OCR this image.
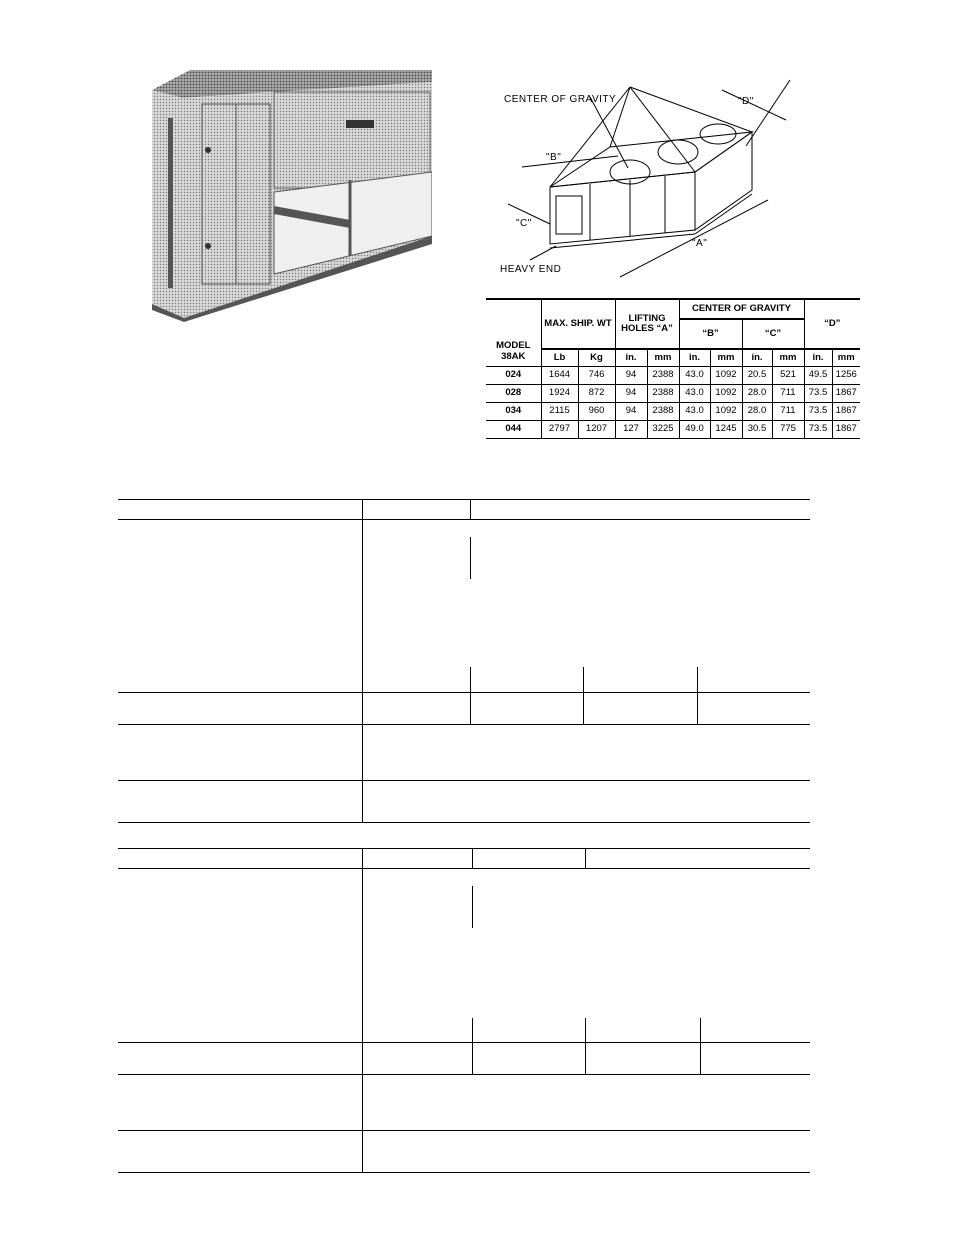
CENTER OF GRAVITY
"B"
"C"
"D"
"A"
HEAVY END
MODEL 38AK	MAX. SHIP. WT		LIFTING HOLES “A”		CENTER OF GRAVITY				“D”	
					“B”		“C”			
	Lb	Kg	in.	mm	in.	mm	in.	mm	in.	mm
024	1644	746	94	2388	43.0	1092	20.5	521	49.5	1256
028	1924	872	94	2388	43.0	1092	28.0	711	73.5	1867
034	2115	960	94	2388	43.0	1092	28.0	711	73.5	1867
044	2797	1207	127	3225	49.0	1245	30.5	775	73.5	1867
